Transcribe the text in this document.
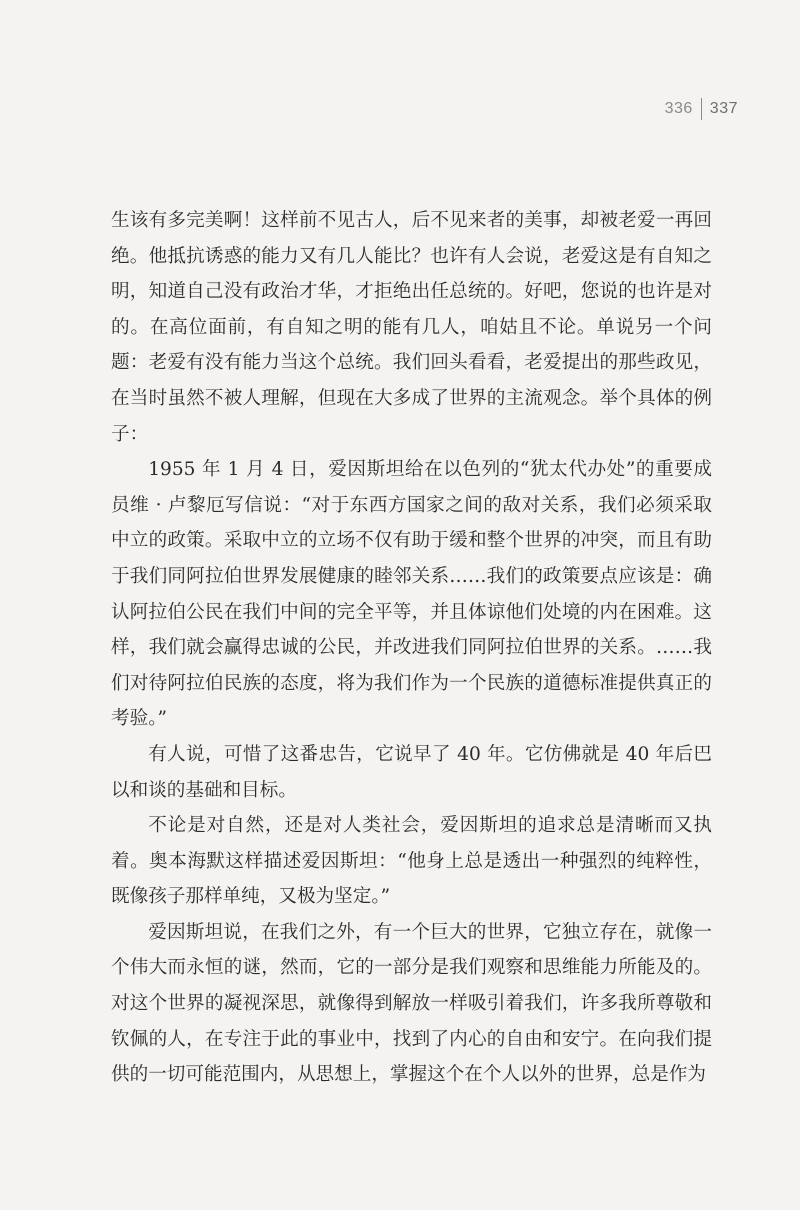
336 337

生该有多完美啊！这样前不见古人，后不见来者的美事，却被老爱一再回绝。他抵抗诱惑的能力又有几人能比？也许有人会说，老爱这是有自知之明，知道自己没有政治才华，才拒绝出任总统的。好吧，您说的也许是对的。在高位面前，有自知之明的能有几人，咱姑且不论。单说另一个问题：老爱有没有能力当这个总统。我们回头看看，老爱提出的那些政见，在当时虽然不被人理解，但现在大多成了世界的主流观念。举个具体的例子：

1955 年 1 月 4 日，爱因斯坦给在以色列的“犹太代办处”的重要成员维 · 卢黎厄写信说：“对于东西方国家之间的敌对关系，我们必须采取中立的政策。采取中立的立场不仅有助于缓和整个世界的冲突，而且有助于我们同阿拉伯世界发展健康的睦邻关系……我们的政策要点应该是：确认阿拉伯公民在我们中间的完全平等，并且体谅他们处境的内在困难。这样，我们就会赢得忠诚的公民，并改进我们同阿拉伯世界的关系。……我们对待阿拉伯民族的态度，将为我们作为一个民族的道德标准提供真正的考验。”

有人说，可惜了这番忠告，它说早了 40 年。它仿佛就是 40 年后巴以和谈的基础和目标。

不论是对自然，还是对人类社会，爱因斯坦的追求总是清晰而又执着。奥本海默这样描述爱因斯坦：“他身上总是透出一种强烈的纯粹性，既像孩子那样单纯，又极为坚定。”

爱因斯坦说，在我们之外，有一个巨大的世界，它独立存在，就像一个伟大而永恒的谜，然而，它的一部分是我们观察和思维能力所能及的。对这个世界的凝视深思，就像得到解放一样吸引着我们，许多我所尊敬和钦佩的人，在专注于此的事业中，找到了内心的自由和安宁。在向我们提供的一切可能范围内，从思想上，掌握这个在个人以外的世界，总是作为
